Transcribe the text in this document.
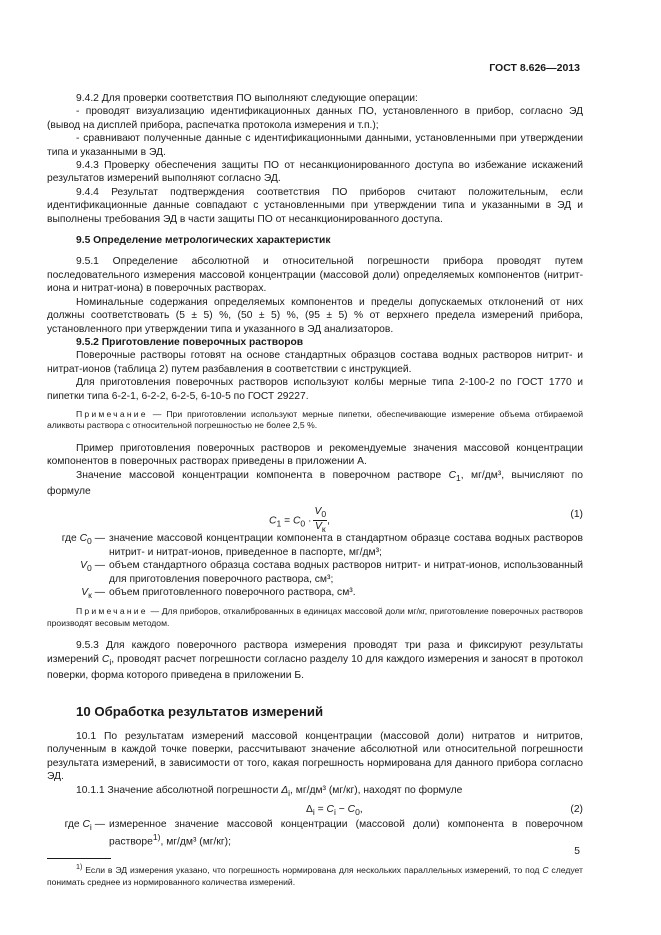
ГОСТ 8.626—2013

9.4.2 Для проверки соответствия ПО выполняют следующие операции:

- проводят визуализацию идентификационных данных ПО, установленного в прибор, согласно ЭД (вывод на дисплей прибора, распечатка протокола измерения и т.п.);

- сравнивают полученные данные с идентификационными данными, установленными при утверждении типа и указанными в ЭД.

9.4.3 Проверку обеспечения защиты ПО от несанкционированного доступа во избежание искажений результатов измерений выполняют согласно ЭД.

9.4.4 Результат подтверждения соответствия ПО приборов считают положительным, если идентификационные данные совпадают с установленными при утверждении типа и указанными в ЭД и выполнены требования ЭД в части защиты ПО от несанкционированного доступа.

9.5 Определение метрологических характеристик

9.5.1 Определение абсолютной и относительной погрешности прибора проводят путем последовательного измерения массовой концентрации (массовой доли) определяемых компонентов (нитрит-иона и нитрат-иона) в поверочных растворах.

Номинальные содержания определяемых компонентов и пределы допускаемых отклонений от них должны соответствовать (5 ± 5) %, (50 ± 5) %, (95 ± 5) % от верхнего предела измерений прибора, установленного при утверждении типа и указанного в ЭД анализаторов.

9.5.2 Приготовление поверочных растворов

Поверочные растворы готовят на основе стандартных образцов состава водных растворов нитрит- и нитрат-ионов (таблица 2) путем разбавления в соответствии с инструкцией.

Для приготовления поверочных растворов используют колбы мерные типа 2-100-2 по ГОСТ 1770 и пипетки типа 6-2-1, 6-2-2, 6-2-5, 6-10-5 по ГОСТ 29227.

Примечание — При приготовлении используют мерные пипетки, обеспечивающие измерение объема отбираемой аликвоты раствора с относительной погрешностью не более 2,5 %.

Пример приготовления поверочных растворов и рекомендуемые значения массовой концентрации компонентов в поверочных растворах приведены в приложении А.

Значение массовой концентрации компонента в поверочном растворе $C_1$, мг/дм³, вычисляют по формуле

$C_1 = C_0 \cdot \frac{V_0}{V_к}$ ,
(1)

где $C_0$ — значение массовой концентрации компонента в стандартном образце состава водных растворов нитрит- и нитрат-ионов, приведенное в паспорте, мг/дм³;

$V_0$ — объем стандартного образца состава водных растворов нитрит- и нитрат-ионов, использованный для приготовления поверочного раствора, см³;

$V_к$ — объем приготовленного поверочного раствора, см³.

Примечание — Для приборов, откалиброванных в единицах массовой доли мг/кг, приготовление поверочных растворов производят весовым методом.

9.5.3 Для каждого поверочного раствора измерения проводят три раза и фиксируют результаты измерений $C_i$, проводят расчет погрешности согласно разделу 10 для каждого измерения и заносят в протокол поверки, форма которого приведена в приложении Б.

10 Обработка результатов измерений

10.1 По результатам измерений массовой концентрации (массовой доли) нитратов и нитритов, полученным в каждой точке поверки, рассчитывают значение абсолютной или относительной погрешности результата измерений, в зависимости от того, какая погрешность нормирована для данного прибора согласно ЭД.

10.1.1 Значение абсолютной погрешности $\Delta_i$, мг/дм³ (мг/кг), находят по формуле

$\Delta_i = C_i - C_0$,	(2)

где $C_i$ — измеренное значение массовой концентрации (массовой доли) компонента в поверочном растворе$^{1)}$, мг/дм³ (мг/кг);

$^{1)}$ Если в ЭД измерения указано, что погрешность нормирована для нескольких параллельных измерений, то под C следует понимать среднее из нормированного количества измерений.

5
